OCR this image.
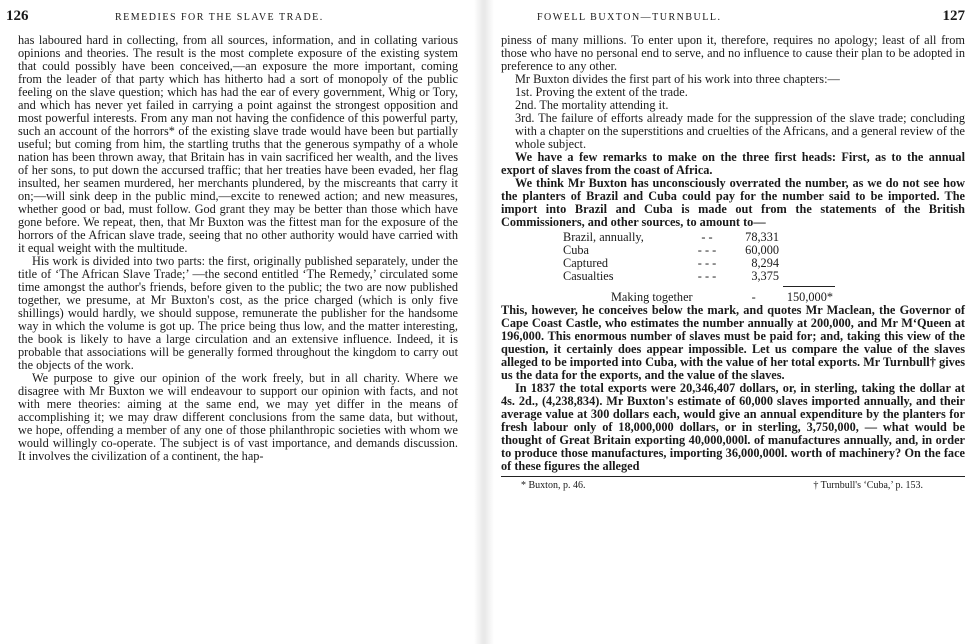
126	REMEDIES FOR THE SLAVE TRADE.

has laboured hard in collecting, from all sources, information, and in collating various opinions and theories. The result is the most complete exposure of the existing system that could possibly have been conceived,—an exposure the more important, coming from the leader of that party which has hitherto had a sort of monopoly of the public feeling on the slave question; which has had the ear of every government, Whig or Tory, and which has never yet failed in carrying a point against the strongest opposition and most powerful interests. From any man not having the confidence of this powerful party, such an account of the horrors* of the existing slave trade would have been but partially useful; but coming from him, the startling truths that the generous sympathy of a whole nation has been thrown away, that Britain has in vain sacrificed her wealth, and the lives of her sons, to put down the accursed traffic; that her treaties have been evaded, her flag insulted, her seamen murdered, her merchants plundered, by the miscreants that carry it on;—will sink deep in the public mind,—excite to renewed action; and new measures, whether good or bad, must follow. God grant they may be better than those which have gone before. We repeat, then, that Mr Buxton was the fittest man for the exposure of the horrors of the African slave trade, seeing that no other authority would have carried with it equal weight with the multitude.

His work is divided into two parts: the first, originally published separately, under the title of ‘The African Slave Trade;’ —the second entitled ‘The Remedy,’ circulated some time amongst the author's friends, before given to the public; the two are now published together, we presume, at Mr Buxton's cost, as the price charged (which is only five shillings) would hardly, we should suppose, remunerate the publisher for the handsome way in which the volume is got up. The price being thus low, and the matter interesting, the book is likely to have a large circulation and an extensive influence. Indeed, it is probable that associations will be generally formed throughout the kingdom to carry out the objects of the work.

We purpose to give our opinion of the work freely, but in all charity. Where we disagree with Mr Buxton we will endeavour to support our opinion with facts, and not with mere theories: aiming at the same end, we may yet differ in the means of accomplishing it; we may draw different conclusions from the same data, but without, we hope, offending a member of any one of those philanthropic societies with whom we would willingly co-operate. The subject is of vast importance, and demands discussion. It involves the civilization of a continent, the hap-

FOWELL BUXTON—TURNBULL.	127

piness of many millions. To enter upon it, therefore, requires no apology; least of all from those who have no personal end to serve, and no influence to cause their plan to be adopted in preference to any other.

Mr Buxton divides the first part of his work into three chapters:—

1st. Proving the extent of the trade.

2nd. The mortality attending it.

3rd. The failure of efforts already made for the suppression of the slave trade; concluding with a chapter on the superstitions and cruelties of the Africans, and a general review of the whole subject.

We have a few remarks to make on the three first heads: First, as to the annual export of slaves from the coast of Africa.

We think Mr Buxton has unconsciously overrated the number, as we do not see how the planters of Brazil and Cuba could pay for the number said to be imported. The import into Brazil and Cuba is made out from the statements of the British Commissioners, and other sources, to amount to—

Brazil, annually,	- -	78,331
Cuba	- - -	60,000
Captured	- - -	8,294
Casualties	- - -	3,375
Making together	-	150,000*

This, however, he conceives below the mark, and quotes Mr Maclean, the Governor of Cape Coast Castle, who estimates the number annually at 200,000, and Mr M‘Queen at 196,000. This enormous number of slaves must be paid for; and, taking this view of the question, it certainly does appear impossible. Let us compare the value of the slaves alleged to be imported into Cuba, with the value of her total exports. Mr Turnbull† gives us the data for the exports, and the value of the slaves.

In 1837 the total exports were 20,346,407 dollars, or, in sterling, taking the dollar at 4s. 2d., (4,238,834). Mr Buxton's estimate of 60,000 slaves imported annually, and their average value at 300 dollars each, would give an annual expenditure by the planters for fresh labour only of 18,000,000 dollars, or in sterling, 3,750,000, — what would be thought of Great Britain exporting 40,000,000l. of manufactures annually, and, in order to produce those manufactures, importing 36,000,000l. worth of machinery? On the face of these figures the alleged

* Buxton, p. 46.	† Turnbull's ‘Cuba,’ p. 153.
